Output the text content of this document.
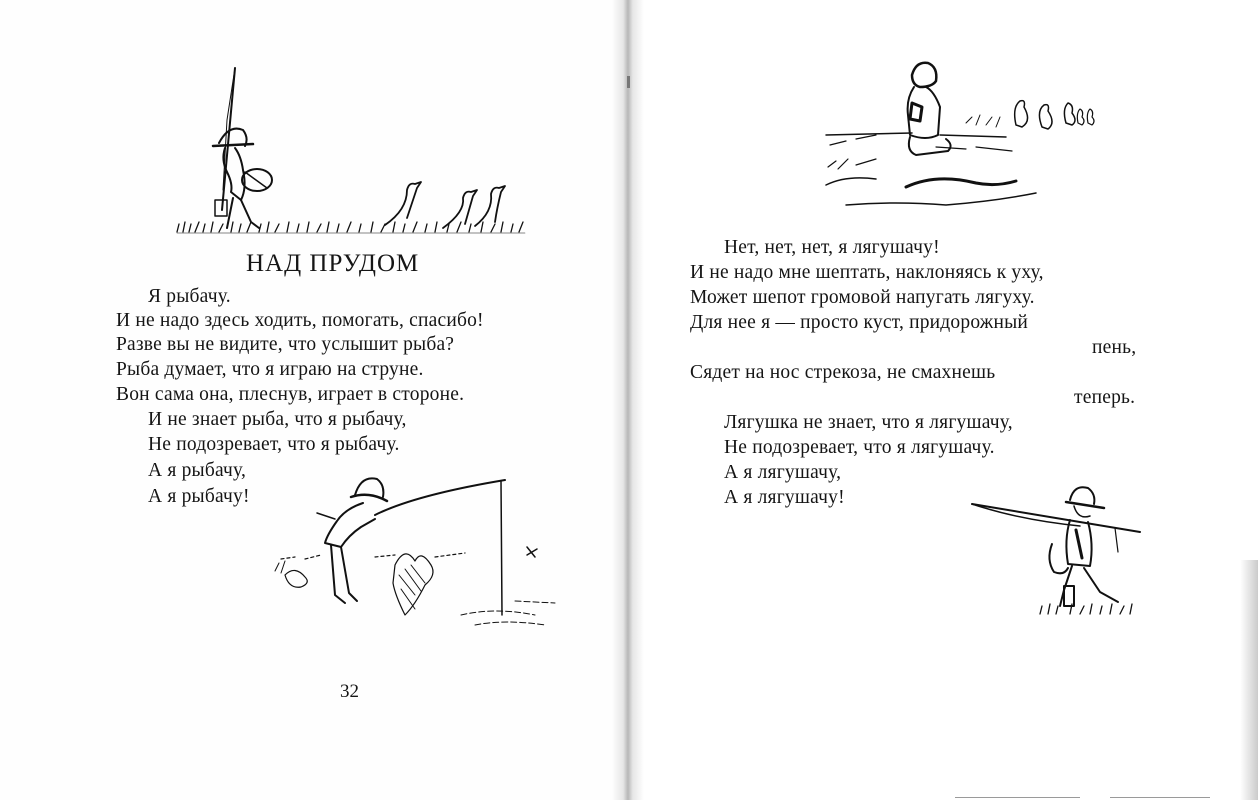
НАД ПРУДОМ
Я рыбачу.
И не надо здесь ходить, помогать, спасибо!
Разве вы не видите, что услышит рыба?
Рыба думает, что я играю на струне.
Вон сама она, плеснув, играет в стороне.
И не знает рыба, что я рыбачу,
Не подозревает, что я рыбачу.
А я рыбачу,
А я рыбачу!
32
Нет, нет, нет, я лягушачу!
И не надо мне шептать, наклоняясь к уху,
Может шепот громовой напугать лягуху.
Для нее я — просто куст, придорожный
пень,
Сядет на нос стрекоза, не смахнешь
теперь.
Лягушка не знает, что я лягушачу,
Не подозревает, что я лягушачу.
А я лягушачу,
А я лягушачу!
